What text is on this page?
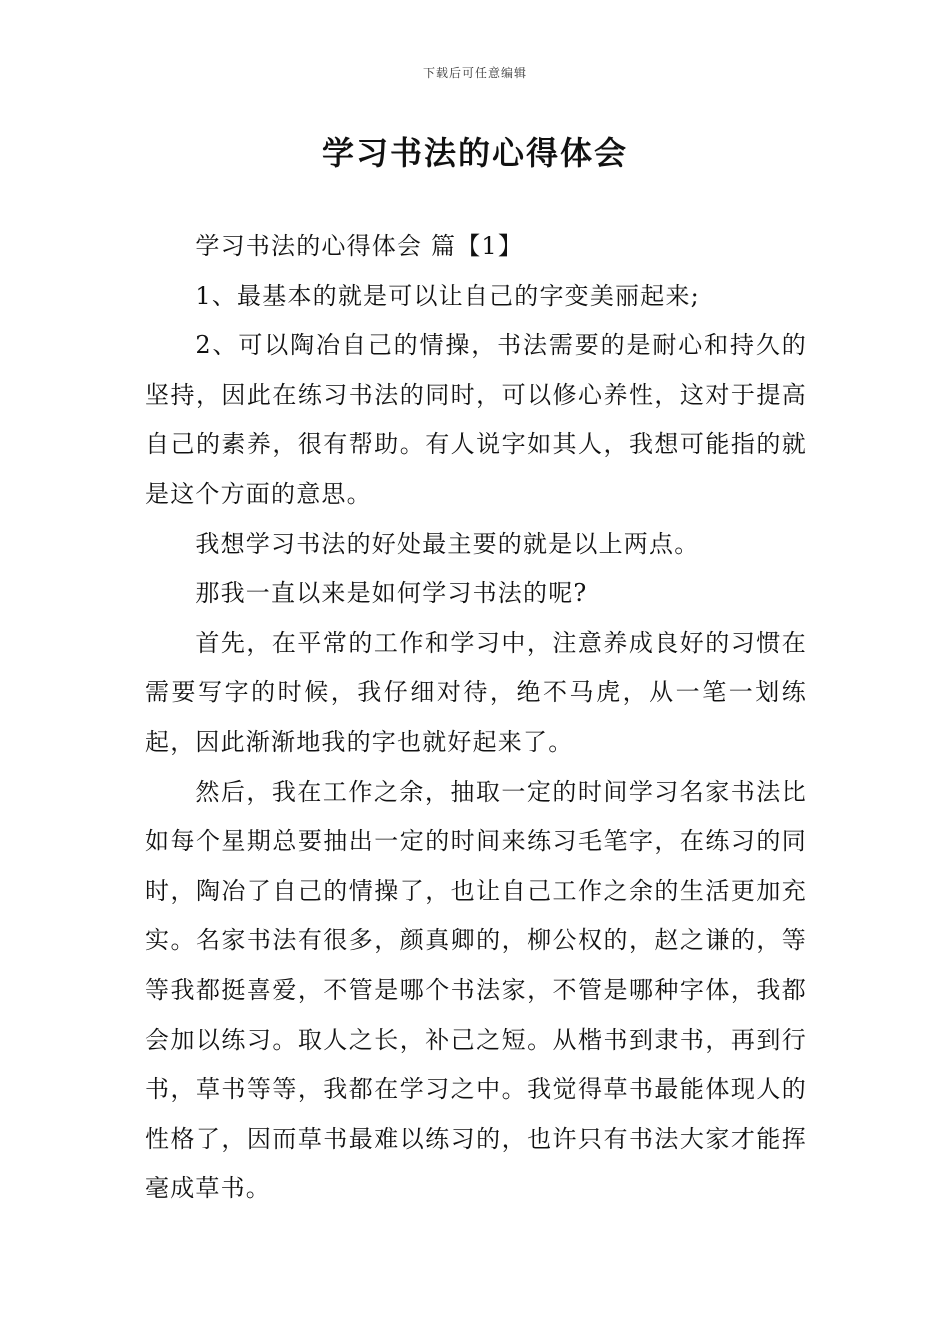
下载后可任意编辑
学习书法的心得体会

学习书法的心得体会 篇【1】

1、最基本的就是可以让自己的字变美丽起来;

2、可以陶冶自己的情操，书法需要的是耐心和持久的坚持，因此在练习书法的同时，可以修心养性，这对于提高自己的素养，很有帮助。有人说字如其人，我想可能指的就是这个方面的意思。

我想学习书法的好处最主要的就是以上两点。

那我一直以来是如何学习书法的呢?

首先，在平常的工作和学习中，注意养成良好的习惯在需要写字的时候，我仔细对待，绝不马虎，从一笔一划练起，因此渐渐地我的字也就好起来了。

然后，我在工作之余，抽取一定的时间学习名家书法比如每个星期总要抽出一定的时间来练习毛笔字，在练习的同时，陶冶了自己的情操了，也让自己工作之余的生活更加充实。名家书法有很多，颜真卿的，柳公权的，赵之谦的，等等我都挺喜爱，不管是哪个书法家，不管是哪种字体，我都会加以练习。取人之长，补己之短。从楷书到隶书，再到行书，草书等等，我都在学习之中。我觉得草书最能体现人的性格了，因而草书最难以练习的，也许只有书法大家才能挥毫成草书。
